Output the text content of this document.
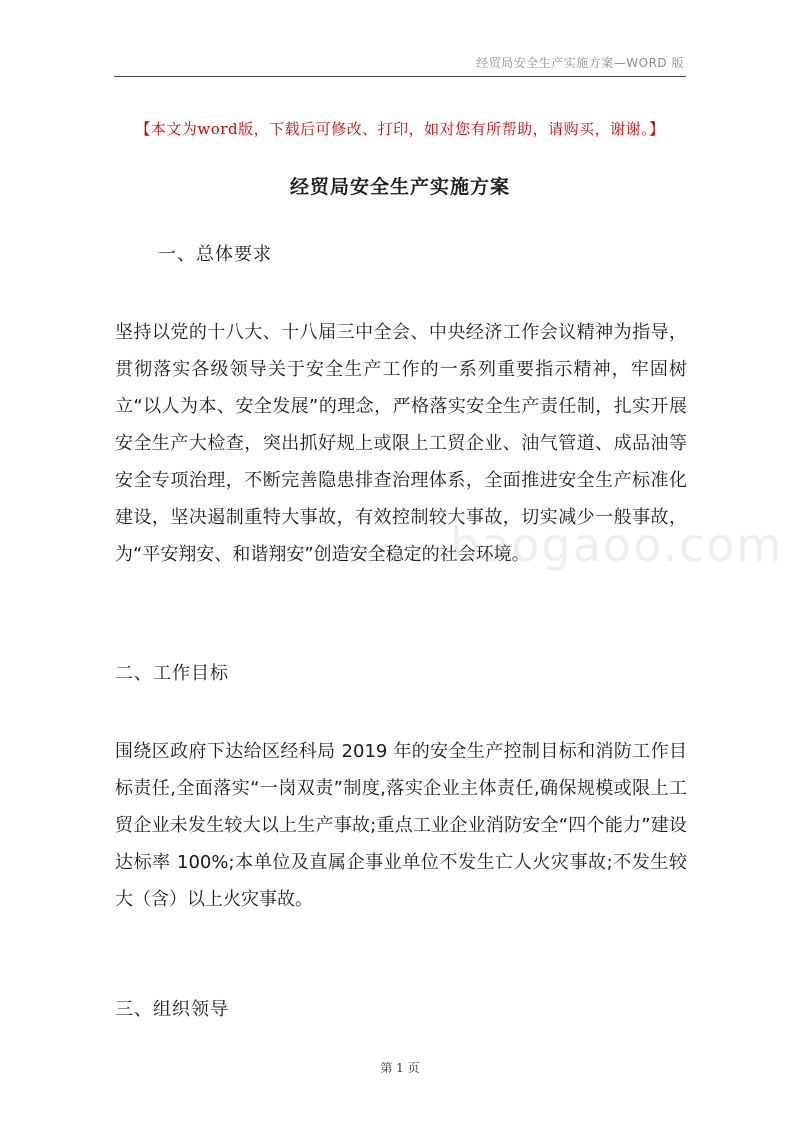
经贸局安全生产实施方案—WORD 版
【本文为word版，下载后可修改、打印，如对您有所帮助，请购买，谢谢。】
经贸局安全生产实施方案
一、总体要求

坚持以党的十八大、十八届三中全会、中央经济工作会议精神为指导，贯彻落实各级领导关于安全生产工作的一系列重要指示精神，牢固树立“以人为本、安全发展”的理念，严格落实安全生产责任制，扎实开展安全生产大检查，突出抓好规上或限上工贸企业、油气管道、成品油等安全专项治理，不断完善隐患排查治理体系，全面推进安全生产标准化建设，坚决遏制重特大事故，有效控制较大事故，切实减少一般事故，为“平安翔安、和谐翔安”创造安全稳定的社会环境。

二、工作目标

围绕区政府下达给区经科局 2019 年的安全生产控制目标和消防工作目标责任,全面落实“一岗双责”制度,落实企业主体责任,确保规模或限上工贸企业未发生较大以上生产事故;重点工业企业消防安全“四个能力”建设达标率 100%;本单位及直属企事业单位不发生亡人火灾事故;不发生较大（含）以上火灾事故。

三、组织领导
baogaoo.com
第 1 页
